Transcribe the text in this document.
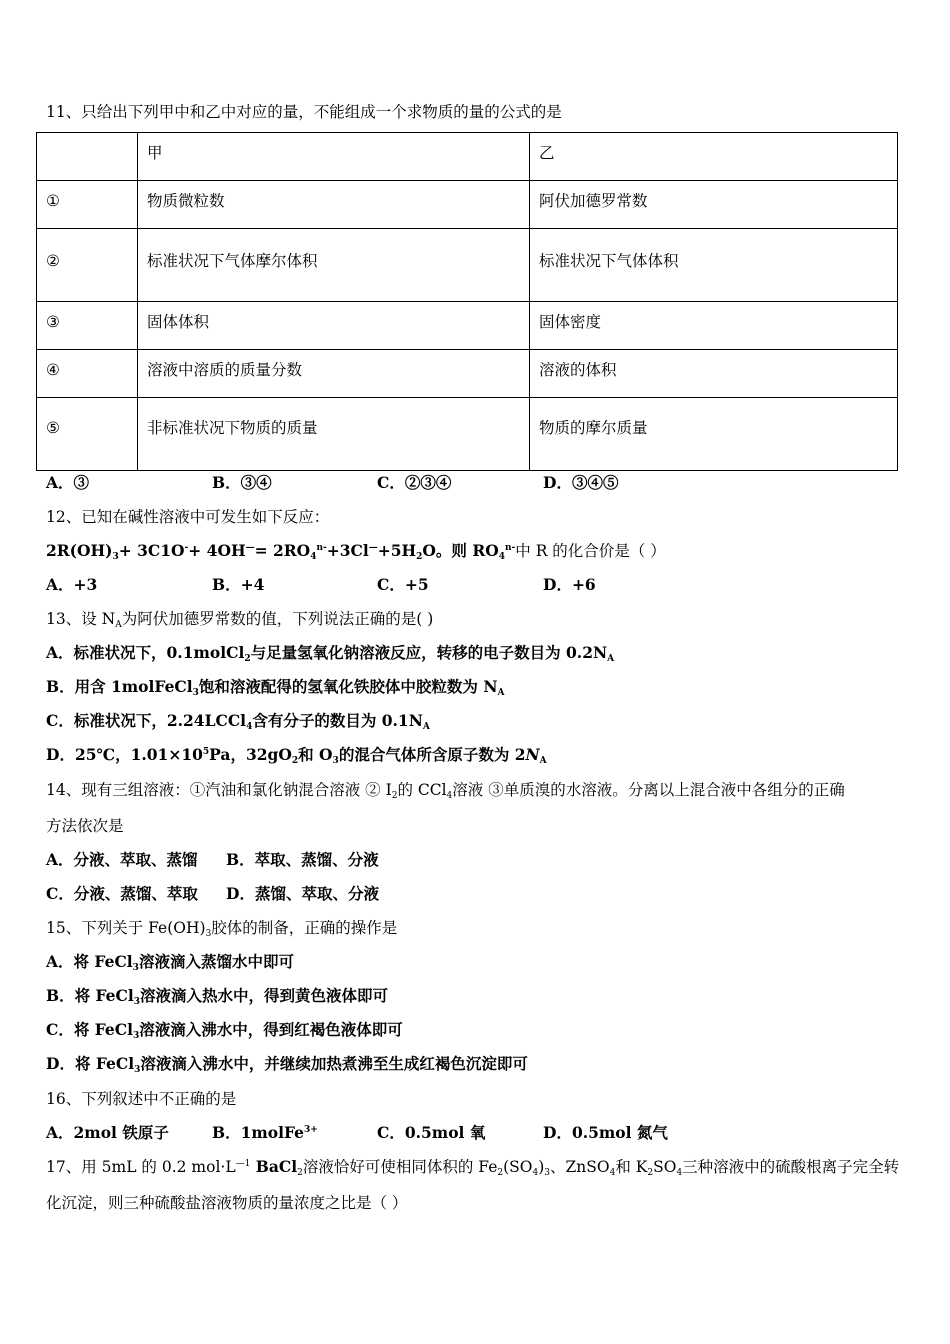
11、只给出下列甲中和乙中对应的量，不能组成一个求物质的量的公式的是
	甲	乙
①	物质微粒数	阿伏加德罗常数
②	标准状况下气体摩尔体积	标准状况下气体体积
③	固体体积	固体密度
④	溶液中溶质的质量分数	溶液的体积
⑤	非标准状况下物质的质量	物质的摩尔质量
A．③	B．③④	C．②③④	D．③④⑤
12、已知在碱性溶液中可发生如下反应：
$2R(OH)_3+ 3C1O^-+ 4OH^—= 2RO_4^{n-}+3Cl^—+5H_2O$。则 $RO_4^{n-}$中 R 的化合价是（ ）
A．+3	B．+4	C．+5	D．+6
13、设 $N_A$为阿伏加德罗常数的值，下列说法正确的是( )
A．标准状况下，0.1molCl$_2$与足量氢氧化钠溶液反应，转移的电子数目为 $0.2N_A$
B．用含 1molFeCl$_3$饱和溶液配得的氢氧化铁胶体中胶粒数为 $N_A$
C．标准状况下，2.24LCCl$_4$含有分子的数目为 $0.1N_A$
D．25℃，$1.01\times 10^5Pa$，$32gO_2$和 $O_3$的混合气体所含原子数为 $2N_A$
14、现有三组溶液：①汽油和氯化钠混合溶液 ② $I_2$的 CCl$_4$溶液 ③单质溴的水溶液。分离以上混合液中各组分的正确
方法依次是
A．分液、萃取、蒸馏 B．萃取、蒸馏、分液
C．分液、蒸馏、萃取 D．蒸馏、萃取、分液
15、下列关于 $Fe(OH)_3$胶体的制备，正确的操作是
A．将 FeCl$_3$溶液滴入蒸馏水中即可
B．将 FeCl$_3$溶液滴入热水中，得到黄色液体即可
C．将 FeCl$_3$溶液滴入沸水中，得到红褐色液体即可
D．将 FeCl$_3$溶液滴入沸水中，并继续加热煮沸至生成红褐色沉淀即可
16、下列叙述中不正确的是
A．2mol 铁原子	B．1molFe$^{3+}$	C．0.5mol 氧	D．0.5mol 氮气
17、用 5mL 的 0.2 $mol\cdot L^{—1}$ BaCl$_2$溶液恰好可使相同体积的 $Fe_2(SO_4)_3$、ZnSO$_4$和 $K_2SO_4$三种溶液中的硫酸根离子完全转
化沉淀，则三种硫酸盐溶液物质的量浓度之比是（ ）
